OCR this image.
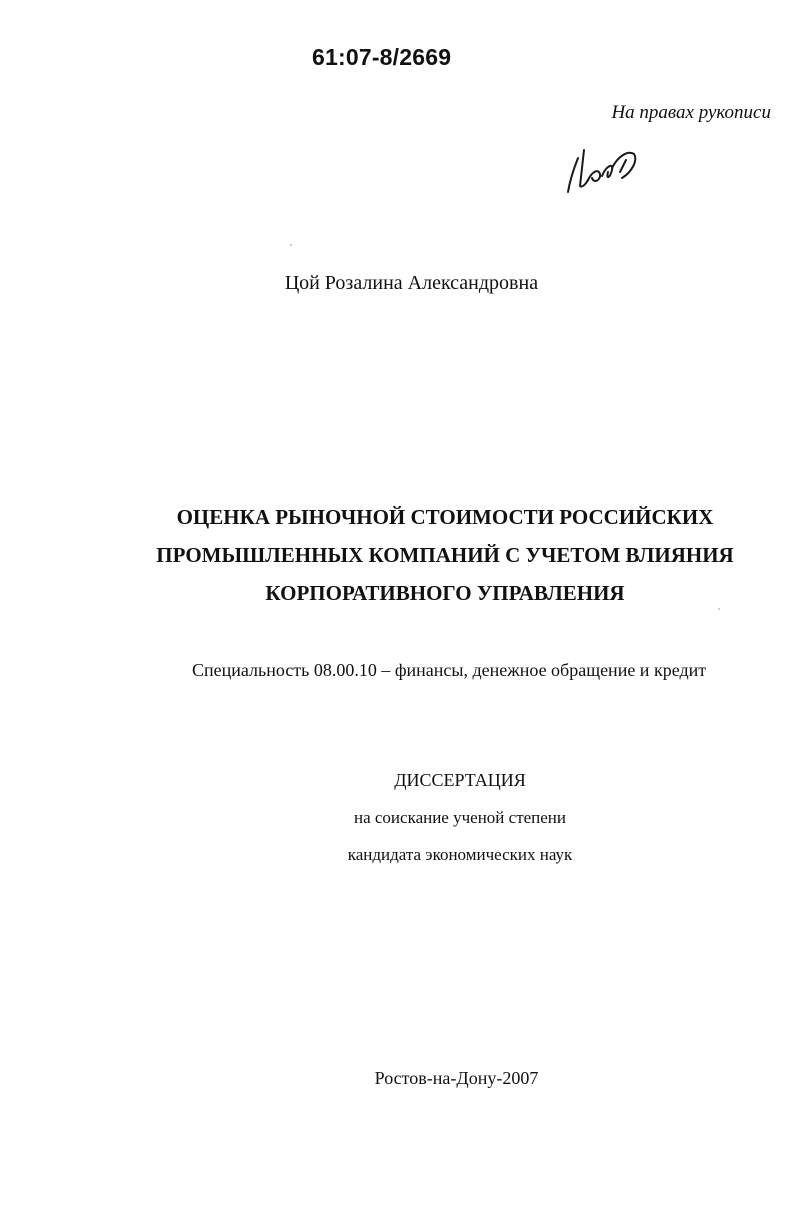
61:07-8/2669
На правах рукописи
Цой Розалина Александровна
ОЦЕНКА РЫНОЧНОЙ СТОИМОСТИ РОССИЙСКИХ
ПРОМЫШЛЕННЫХ КОМПАНИЙ С УЧЕТОМ ВЛИЯНИЯ
КОРПОРАТИВНОГО УПРАВЛЕНИЯ
Специальность 08.00.10 – финансы, денежное обращение и кредит
ДИССЕРТАЦИЯ
на соискание ученой степени
кандидата экономических наук
Ростов-на-Дону-2007
